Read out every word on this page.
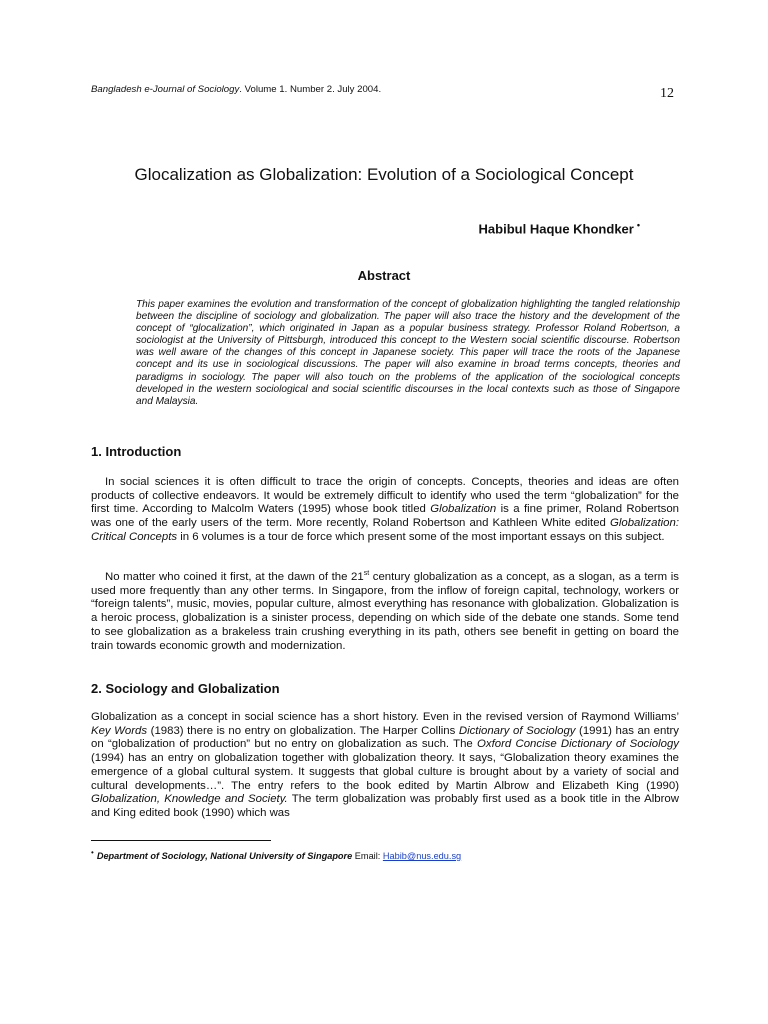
Bangladesh e-Journal of Sociology. Volume 1. Number 2. July 2004.	12
Glocalization as Globalization: Evolution of a Sociological Concept
Habibul Haque Khondker •
Abstract

This paper examines the evolution and transformation of the concept of globalization highlighting the tangled relationship between the discipline of sociology and globalization. The paper will also trace the history and the development of the concept of “glocalization”, which originated in Japan as a popular business strategy. Professor Roland Robertson, a sociologist at the University of Pittsburgh, introduced this concept to the Western social scientific discourse. Robertson was well aware of the changes of this concept in Japanese society. This paper will trace the roots of the Japanese concept and its use in sociological discussions. The paper will also examine in broad terms concepts, theories and paradigms in sociology. The paper will also touch on the problems of the application of the sociological concepts developed in the western sociological and social scientific discourses in the local contexts such as those of Singapore and Malaysia.

1. Introduction

In social sciences it is often difficult to trace the origin of concepts. Concepts, theories and ideas are often products of collective endeavors. It would be extremely difficult to identify who used the term “globalization” for the first time. According to Malcolm Waters (1995) whose book titled Globalization is a fine primer, Roland Robertson was one of the early users of the term. More recently, Roland Robertson and Kathleen White edited Globalization: Critical Concepts in 6 volumes is a tour de force which present some of the most important essays on this subject.

No matter who coined it first, at the dawn of the 21st century globalization as a concept, as a slogan, as a term is used more frequently than any other terms. In Singapore, from the inflow of foreign capital, technology, workers or “foreign talents”, music, movies, popular culture, almost everything has resonance with globalization. Globalization is a heroic process, globalization is a sinister process, depending on which side of the debate one stands. Some tend to see globalization as a brakeless train crushing everything in its path, others see benefit in getting on board the train towards economic growth and modernization.

2. Sociology and Globalization

Globalization as a concept in social science has a short history. Even in the revised version of Raymond Williams’ Key Words (1983) there is no entry on globalization. The Harper Collins Dictionary of Sociology (1991) has an entry on “globalization of production” but no entry on globalization as such. The Oxford Concise Dictionary of Sociology (1994) has an entry on globalization together with globalization theory. It says, “Globalization theory examines the emergence of a global cultural system. It suggests that global culture is brought about by a variety of social and cultural developments…”. The entry refers to the book edited by Martin Albrow and Elizabeth King (1990) Globalization, Knowledge and Society. The term globalization was probably first used as a book title in the Albrow and King edited book (1990) which was

• Department of Sociology, National University of Singapore Email: Habib@nus.edu.sg
